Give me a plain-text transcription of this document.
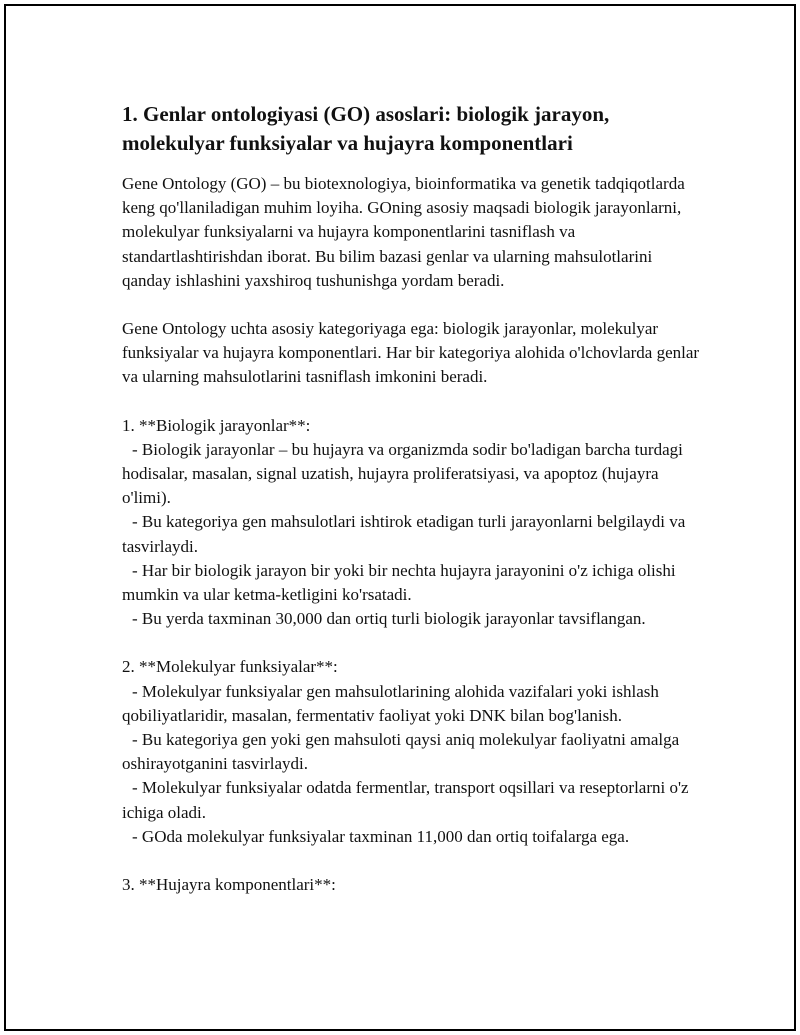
1. Genlar ontologiyasi (GO) asoslari: biologik jarayon, molekulyar funksiyalar va hujayra komponentlari

Gene Ontology (GO) – bu biotexnologiya, bioinformatika va genetik tadqiqotlarda keng qo'llaniladigan muhim loyiha. GOning asosiy maqsadi biologik jarayonlarni, molekulyar funksiyalarni va hujayra komponentlarini tasniflash va standartlashtirishdan iborat. Bu bilim bazasi genlar va ularning mahsulotlarini qanday ishlashini yaxshiroq tushunishga yordam beradi.

Gene Ontology uchta asosiy kategoriyaga ega: biologik jarayonlar, molekulyar funksiyalar va hujayra komponentlari. Har bir kategoriya alohida o'lchovlarda genlar va ularning mahsulotlarini tasniflash imkonini beradi.

1. **Biologik jarayonlar**:

- Biologik jarayonlar – bu hujayra va organizmda sodir bo'ladigan barcha turdagi hodisalar, masalan, signal uzatish, hujayra proliferatsiyasi, va apoptoz (hujayra o'limi).

- Bu kategoriya gen mahsulotlari ishtirok etadigan turli jarayonlarni belgilaydi va tasvirlaydi.

- Har bir biologik jarayon bir yoki bir nechta hujayra jarayonini o'z ichiga olishi mumkin va ular ketma-ketligini ko'rsatadi.

- Bu yerda taxminan 30,000 dan ortiq turli biologik jarayonlar tavsiflangan.

2. **Molekulyar funksiyalar**:

- Molekulyar funksiyalar gen mahsulotlarining alohida vazifalari yoki ishlash qobiliyatlaridir, masalan, fermentativ faoliyat yoki DNK bilan bog'lanish.

- Bu kategoriya gen yoki gen mahsuloti qaysi aniq molekulyar faoliyatni amalga oshirayotganini tasvirlaydi.

- Molekulyar funksiyalar odatda fermentlar, transport oqsillari va reseptorlarni o'z ichiga oladi.

- GOda molekulyar funksiyalar taxminan 11,000 dan ortiq toifalarga ega.

3. **Hujayra komponentlari**:
